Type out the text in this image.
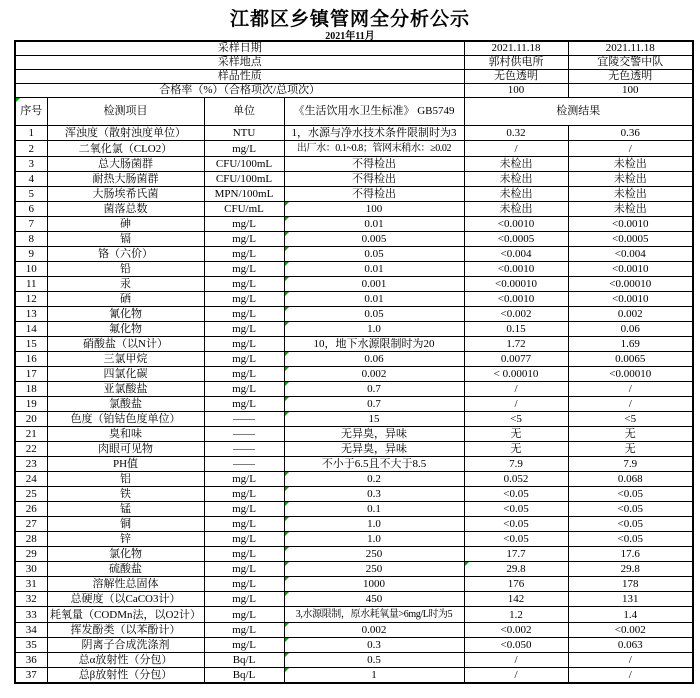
江都区乡镇管网全分析公示
2021年11月
采样日期				2021.11.18	2021.11.18
采样地点				郭村供电所	宜陵交警中队
样品性质				无色透明	无色透明
合格率（%）（合格项次/总项次）				100	100

序号	检测项目	单位	《生活饮用水卫生标准》 GB5749	检测结果	
1	浑浊度（散射浊度单位）	NTU	1，水源与净水技术条件限制时为3	0.32	0.36
2	二氧化氯（CLO2）	mg/L	出厂水：0.1~0.8；管网末稍水：≥0.02	/	/
3	总大肠菌群	CFU/100mL	不得检出	未检出	未检出
4	耐热大肠菌群	CFU/100mL	不得检出	未检出	未检出
5	大肠埃希氏菌	MPN/100mL	不得检出	未检出	未检出
6	菌落总数	CFU/mL	100	未检出	未检出
7	砷	mg/L	0.01	<0.0010	<0.0010
8	镉	mg/L	0.005	<0.0005	<0.0005
9	铬（六价）	mg/L	0.05	<0.004	<0.004
10	铅	mg/L	0.01	<0.0010	<0.0010
11	汞	mg/L	0.001	<0.00010	<0.00010
12	硒	mg/L	0.01	<0.0010	<0.0010
13	氰化物	mg/L	0.05	<0.002	0.002
14	氟化物	mg/L	1.0	0.15	0.06
15	硝酸盐（以N计）	mg/L	10，地下水源限制时为20	1.72	1.69
16	三氯甲烷	mg/L	0.06	0.0077	0.0065
17	四氯化碳	mg/L	0.002	< 0.00010	<0.00010
18	亚氯酸盐	mg/L	0.7	/	/
19	氯酸盐	mg/L	0.7	/	/
20	色度（铂钴色度单位）	——	15	<5	<5
21	臭和味	——	无异臭，异味	无	无
22	肉眼可见物	——	无异臭，异味	无	无
23	PH值	——	不小于6.5且不大于8.5	7.9	7.9
24	铝	mg/L	0.2	0.052	0.068
25	铁	mg/L	0.3	<0.05	<0.05
26	锰	mg/L	0.1	<0.05	<0.05
27	铜	mg/L	1.0	<0.05	<0.05
28	锌	mg/L	1.0	<0.05	<0.05
29	氯化物	mg/L	250	17.7	17.6
30	硫酸盐	mg/L	250	29.8	29.8
31	溶解性总固体	mg/L	1000	176	178
32	总硬度（以CaCO3计）	mg/L	450	142	131
33	耗氧量（CODMn法，以O2计）	mg/L	3,水源限制，原水耗氧量>6mg/L时为5	1.2	1.4
34	挥发酚类（以苯酚计）	mg/L	0.002	<0.002	<0.002
35	阴离子合成洗涤剂	mg/L	0.3	<0.050	0.063
36	总α放射性（分包）	Bq/L	0.5	/	/
37	总β放射性（分包）	Bq/L	1	/	/
